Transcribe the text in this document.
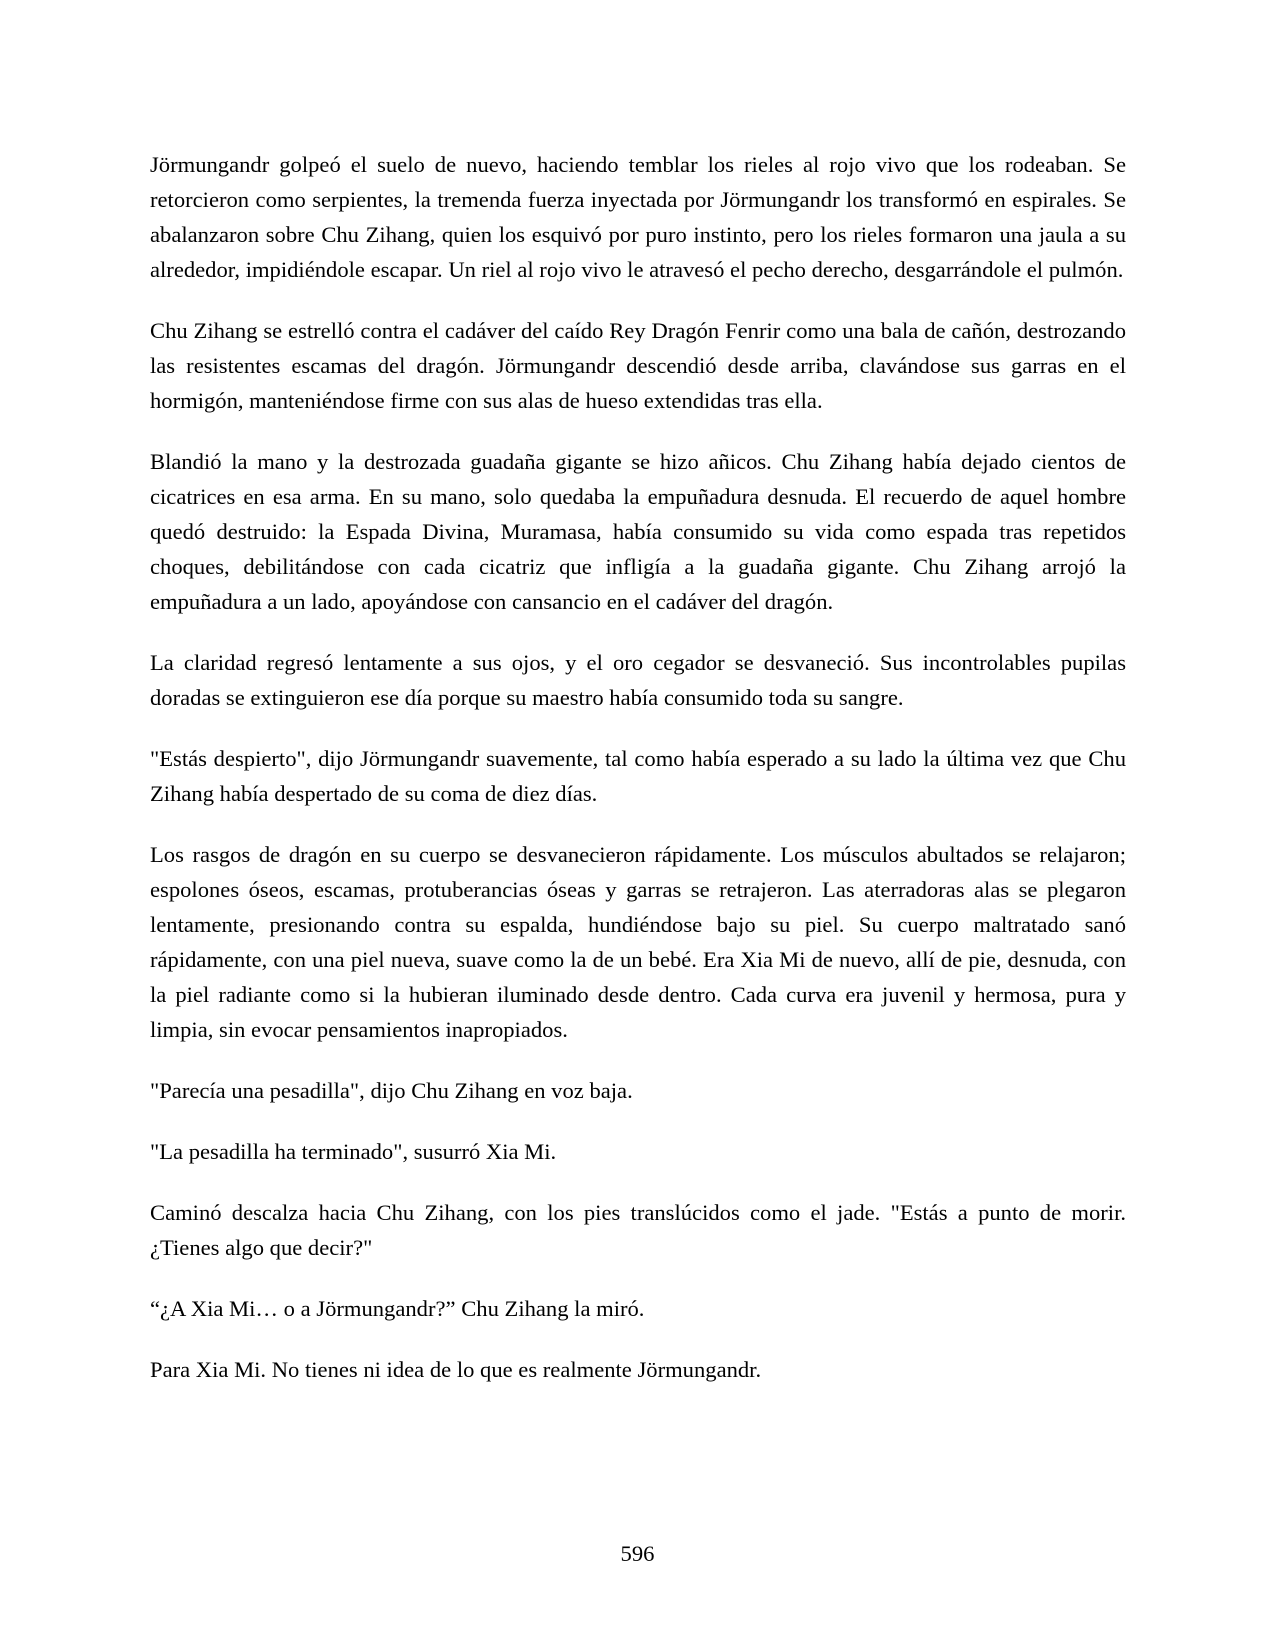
Jörmungandr golpeó el suelo de nuevo, haciendo temblar los rieles al rojo vivo que los rodeaban. Se retorcieron como serpientes, la tremenda fuerza inyectada por Jörmungandr los transformó en espirales. Se abalanzaron sobre Chu Zihang, quien los esquivó por puro instinto, pero los rieles formaron una jaula a su alrededor, impidiéndole escapar. Un riel al rojo vivo le atravesó el pecho derecho, desgarrándole el pulmón.

Chu Zihang se estrelló contra el cadáver del caído Rey Dragón Fenrir como una bala de cañón, destrozando las resistentes escamas del dragón. Jörmungandr descendió desde arriba, clavándose sus garras en el hormigón, manteniéndose firme con sus alas de hueso extendidas tras ella.

Blandió la mano y la destrozada guadaña gigante se hizo añicos. Chu Zihang había dejado cientos de cicatrices en esa arma. En su mano, solo quedaba la empuñadura desnuda. El recuerdo de aquel hombre quedó destruido: la Espada Divina, Muramasa, había consumido su vida como espada tras repetidos choques, debilitándose con cada cicatriz que infligía a la guadaña gigante. Chu Zihang arrojó la empuñadura a un lado, apoyándose con cansancio en el cadáver del dragón.

La claridad regresó lentamente a sus ojos, y el oro cegador se desvaneció. Sus incontrolables pupilas doradas se extinguieron ese día porque su maestro había consumido toda su sangre.

"Estás despierto", dijo Jörmungandr suavemente, tal como había esperado a su lado la última vez que Chu Zihang había despertado de su coma de diez días.

Los rasgos de dragón en su cuerpo se desvanecieron rápidamente. Los músculos abultados se relajaron; espolones óseos, escamas, protuberancias óseas y garras se retrajeron. Las aterradoras alas se plegaron lentamente, presionando contra su espalda, hundiéndose bajo su piel. Su cuerpo maltratado sanó rápidamente, con una piel nueva, suave como la de un bebé. Era Xia Mi de nuevo, allí de pie, desnuda, con la piel radiante como si la hubieran iluminado desde dentro. Cada curva era juvenil y hermosa, pura y limpia, sin evocar pensamientos inapropiados.

"Parecía una pesadilla", dijo Chu Zihang en voz baja.

"La pesadilla ha terminado", susurró Xia Mi.

Caminó descalza hacia Chu Zihang, con los pies translúcidos como el jade. "Estás a punto de morir. ¿Tienes algo que decir?"

“¿A Xia Mi… o a Jörmungandr?” Chu Zihang la miró.

Para Xia Mi. No tienes ni idea de lo que es realmente Jörmungandr.

596
